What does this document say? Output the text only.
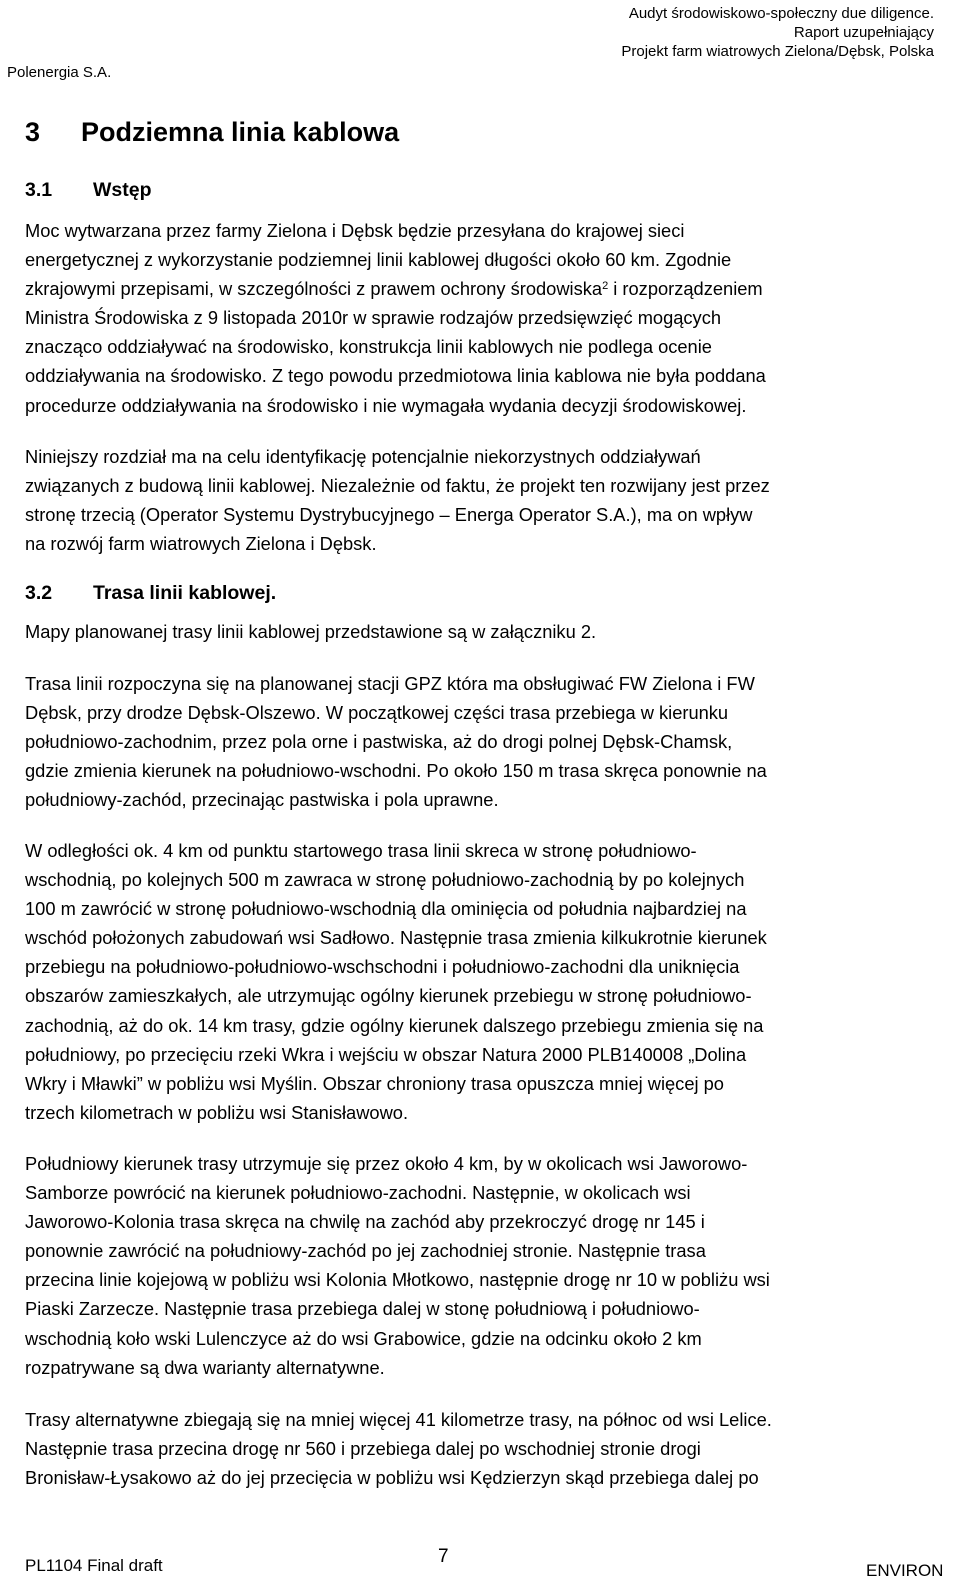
Polenergia S.A.
Audyt środowiskowo-społeczny due diligence.
Raport uzupełniający
Projekt farm wiatrowych Zielona/Dębsk, Polska
3 Podziemna linia kablowa
3.1 Wstęp
Moc wytwarzana przez farmy Zielona i Dębsk będzie przesyłana do krajowej sieci
energetycznej z wykorzystanie podziemnej linii kablowej długości około 60 km. Zgodnie
zkrajowymi przepisami, w szczególności z prawem ochrony środowiska$^2$ i rozporządzeniem
Ministra Środowiska z 9 listopada 2010r w sprawie rodzajów przedsięwzięć mogących
znacząco oddziaływać na środowisko, konstrukcja linii kablowych nie podlega ocenie
oddziaływania na środowisko. Z tego powodu przedmiotowa linia kablowa nie była poddana
procedurze oddziaływania na środowisko i nie wymagała wydania decyzji środowiskowej.
Niniejszy rozdział ma na celu identyfikację potencjalnie niekorzystnych oddziaływań
związanych z budową linii kablowej. Niezależnie od faktu, że projekt ten rozwijany jest przez
stronę trzecią (Operator Systemu Dystrybucyjnego – Energa Operator S.A.), ma on wpływ
na rozwój farm wiatrowych Zielona i Dębsk.
3.2 Trasa linii kablowej.
Mapy planowanej trasy linii kablowej przedstawione są w załączniku 2.
Trasa linii rozpoczyna się na planowanej stacji GPZ która ma obsługiwać FW Zielona i FW
Dębsk, przy drodze Dębsk-Olszewo. W początkowej części trasa przebiega w kierunku
południowo-zachodnim, przez pola orne i pastwiska, aż do drogi polnej Dębsk-Chamsk,
gdzie zmienia kierunek na południowo-wschodni. Po około 150 m trasa skręca ponownie na
południowy-zachód, przecinając pastwiska i pola uprawne.
W odległości ok. 4 km od punktu startowego trasa linii skreca w stronę południowo-
wschodnią, po kolejnych 500 m zawraca w stronę południowo-zachodnią by po kolejnych
100 m zawrócić w stronę południowo-wschodnią dla ominięcia od południa najbardziej na
wschód położonych zabudowań wsi Sadłowo. Następnie trasa zmienia kilkukrotnie kierunek
przebiegu na południowo-południowo-wschschodni i południowo-zachodni dla uniknięcia
obszarów zamieszkałych, ale utrzymując ogólny kierunek przebiegu w stronę południowo-
zachodnią, aż do ok. 14 km trasy, gdzie ogólny kierunek dalszego przebiegu zmienia się na
południowy, po przecięciu rzeki Wkra i wejściu w obszar Natura 2000 PLB140008 „Dolina
Wkry i Mławki” w pobliżu wsi Myślin. Obszar chroniony trasa opuszcza mniej więcej po
trzech kilometrach w pobliżu wsi Stanisławowo.
Południowy kierunek trasy utrzymuje się przez około 4 km, by w okolicach wsi Jaworowo-
Samborze powrócić na kierunek południowo-zachodni. Następnie, w okolicach wsi
Jaworowo-Kolonia trasa skręca na chwilę na zachód aby przekroczyć drogę nr 145 i
ponownie zawrócić na południowy-zachód po jej zachodniej stronie. Następnie trasa
przecina linie kojejową w pobliżu wsi Kolonia Młotkowo, następnie drogę nr 10 w pobliżu wsi
Piaski Zarzecze. Następnie trasa przebiega dalej w stonę południową i południowo-
wschodnią koło wski Lulenczyce aż do wsi Grabowice, gdzie na odcinku około 2 km
rozpatrywane są dwa warianty alternatywne.
Trasy alternatywne zbiegają się na mniej więcej 41 kilometrze trasy, na północ od wsi Lelice.
Następnie trasa przecina drogę nr 560 i przebiega dalej po wschodniej stronie drogi
Bronisław-Łysakowo aż do jej przecięcia w pobliżu wsi Kędzierzyn skąd przebiega dalej po
PL1104 Final draft	7
ENVIRON
